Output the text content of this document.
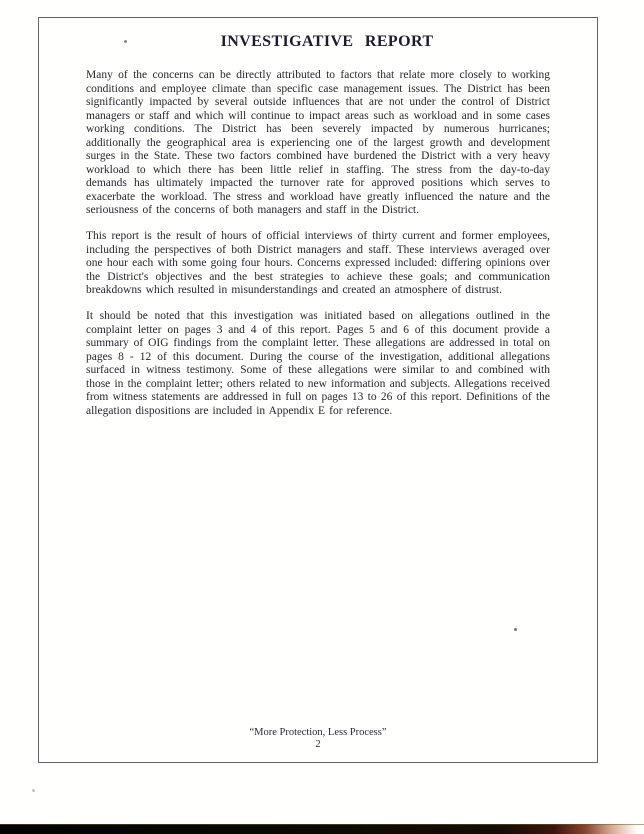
INVESTIGATIVE REPORT

Many of the concerns can be directly attributed to factors that relate more closely to working conditions and employee climate than specific case management issues. The District has been significantly impacted by several outside influences that are not under the control of District managers or staff and which will continue to impact areas such as workload and in some cases working conditions. The District has been severely impacted by numerous hurricanes; additionally the geographical area is experiencing one of the largest growth and development surges in the State. These two factors combined have burdened the District with a very heavy workload to which there has been little relief in staffing. The stress from the day-to-day demands has ultimately impacted the turnover rate for approved positions which serves to exacerbate the workload. The stress and workload have greatly influenced the nature and the seriousness of the concerns of both managers and staff in the District.

This report is the result of hours of official interviews of thirty current and former employees, including the perspectives of both District managers and staff. These interviews averaged over one hour each with some going four hours. Concerns expressed included: differing opinions over the District's objectives and the best strategies to achieve these goals; and communication breakdowns which resulted in misunderstandings and created an atmosphere of distrust.

It should be noted that this investigation was initiated based on allegations outlined in the complaint letter on pages 3 and 4 of this report. Pages 5 and 6 of this document provide a summary of OIG findings from the complaint letter. These allegations are addressed in total on pages 8 - 12 of this document. During the course of the investigation, additional allegations surfaced in witness testimony. Some of these allegations were similar to and combined with those in the complaint letter; others related to new information and subjects. Allegations received from witness statements are addressed in full on pages 13 to 26 of this report. Definitions of the allegation dispositions are included in Appendix E for reference.

“More Protection, Less Process”
2
